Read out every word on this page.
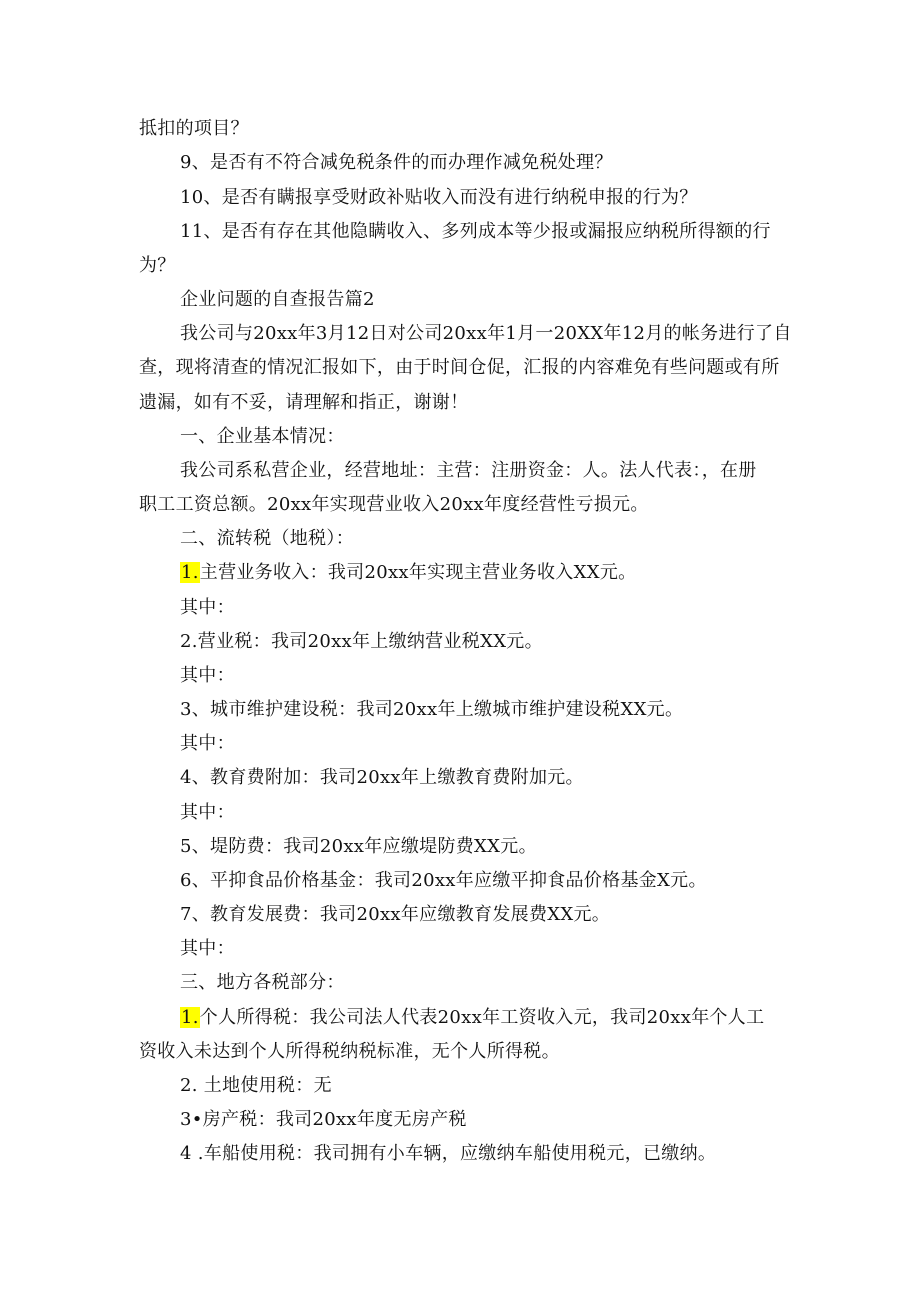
抵扣的项目？
9、是否有不符合减免税条件的而办理作减免税处理？
10、是否有瞒报享受财政补贴收入而没有进行纳税申报的行为？
11、是否有存在其他隐瞒收入、多列成本等少报或漏报应纳税所得额的行
为？
企业问题的自查报告篇2
我公司与20xx年3月12日对公司20xx年1月一20XX年12月的帐务进行了自
查，现将清查的情况汇报如下，由于时间仓促，汇报的内容难免有些问题或有所
遗漏，如有不妥，请理解和指正，谢谢！
一、企业基本情况：
我公司系私营企业，经营地址：主营：注册资金：人。法人代表：，在册
职工工资总额。20xx年实现营业收入20xx年度经营性亏损元。
二、流转税（地税）：
1.主营业务收入：我司20xx年实现主营业务收入XX元。
其中：
2.营业税：我司20xx年上缴纳营业税XX元。
其中：
3、城市维护建设税：我司20xx年上缴城市维护建设税XX元。
其中：
4、教育费附加：我司20xx年上缴教育费附加元。
其中：
5、堤防费：我司20xx年应缴堤防费XX元。
6、平抑食品价格基金：我司20xx年应缴平抑食品价格基金X元。
7、教育发展费：我司20xx年应缴教育发展费XX元。
其中：
三、地方各税部分：
1.个人所得税：我公司法人代表20xx年工资收入元，我司20xx年个人工
资收入未达到个人所得税纳税标准，无个人所得税。
2. 土地使用税：无
3•房产税：我司20xx年度无房产税
4 .车船使用税：我司拥有小车辆，应缴纳车船使用税元，已缴纳。
